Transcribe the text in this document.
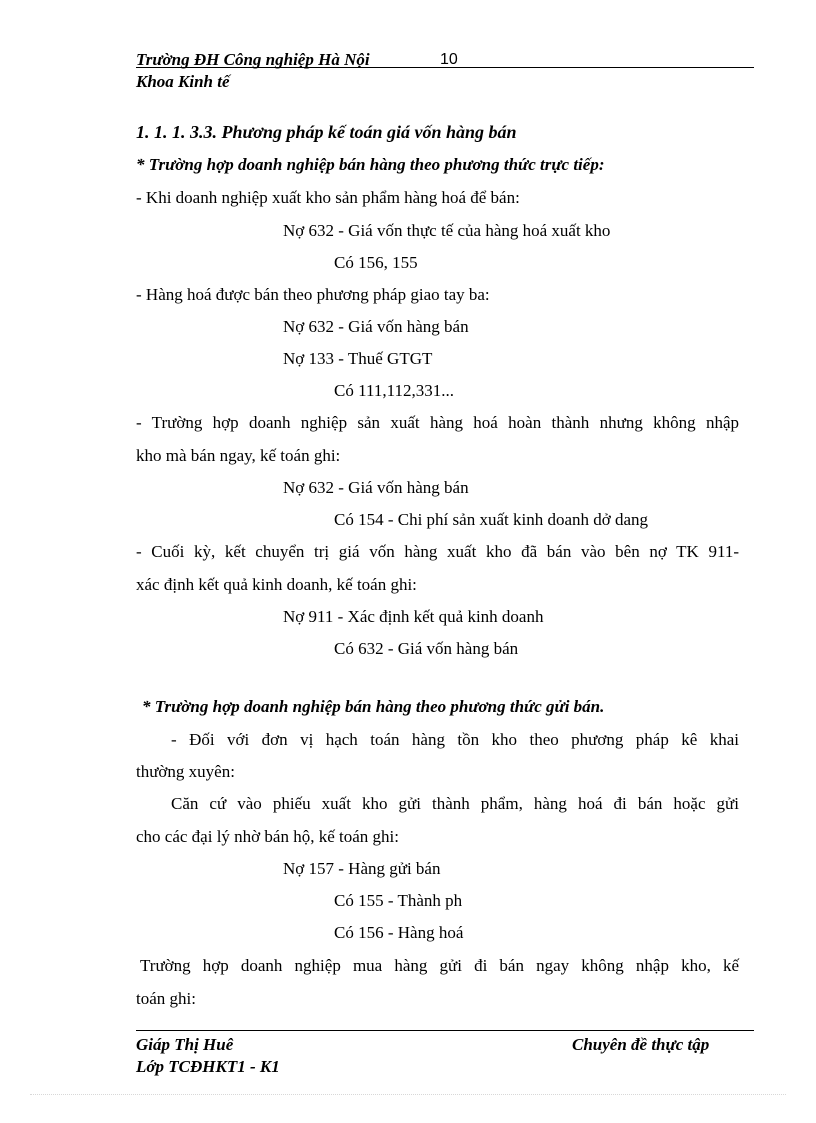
Trường ĐH Công nghiệp Hà Nội	10
Khoa Kinh tế
1. 1. 1. 3.3. Phương pháp kế toán giá vốn hàng bán
* Trường hợp doanh nghiệp bán hàng theo phương thức trực tiếp:
- Khi doanh nghiệp xuất kho sản phẩm hàng hoá để bán:
Nợ 632 - Giá vốn thực tế của hàng hoá xuất kho
Có 156, 155
- Hàng hoá được bán theo phương pháp giao tay ba:
Nợ 632 - Giá vốn hàng bán
Nợ 133 - Thuế GTGT
Có 111,112,331...
- Trường hợp doanh nghiệp sản xuất hàng hoá hoàn thành nhưng không nhập
kho mà bán ngay, kế toán ghi:
Nợ 632 - Giá vốn hàng bán
Có 154 - Chi phí sản xuất kinh doanh dở dang
- Cuối kỳ, kết chuyển trị giá vốn hàng xuất kho đã bán vào bên nợ TK 911-
xác định kết quả kinh doanh, kế toán ghi:
Nợ 911 - Xác định kết quả kinh doanh
Có 632 - Giá vốn hàng bán
* Trường hợp doanh nghiệp bán hàng theo phương thức gửi bán.
- Đối với đơn vị hạch toán hàng tồn kho theo phương pháp kê khai
thường xuyên:
Căn cứ vào phiếu xuất kho gửi thành phẩm, hàng hoá đi bán hoặc gửi
cho các đại lý nhờ bán hộ, kế toán ghi:
Nợ 157 - Hàng gửi bán
Có 155 - Thành ph
Có 156 - Hàng hoá
Trường hợp doanh nghiệp mua hàng gửi đi bán ngay không nhập kho, kế
toán ghi:
Giáp Thị Huê	Chuyên đề thực tập
Lớp TCĐHKT1 - K1
